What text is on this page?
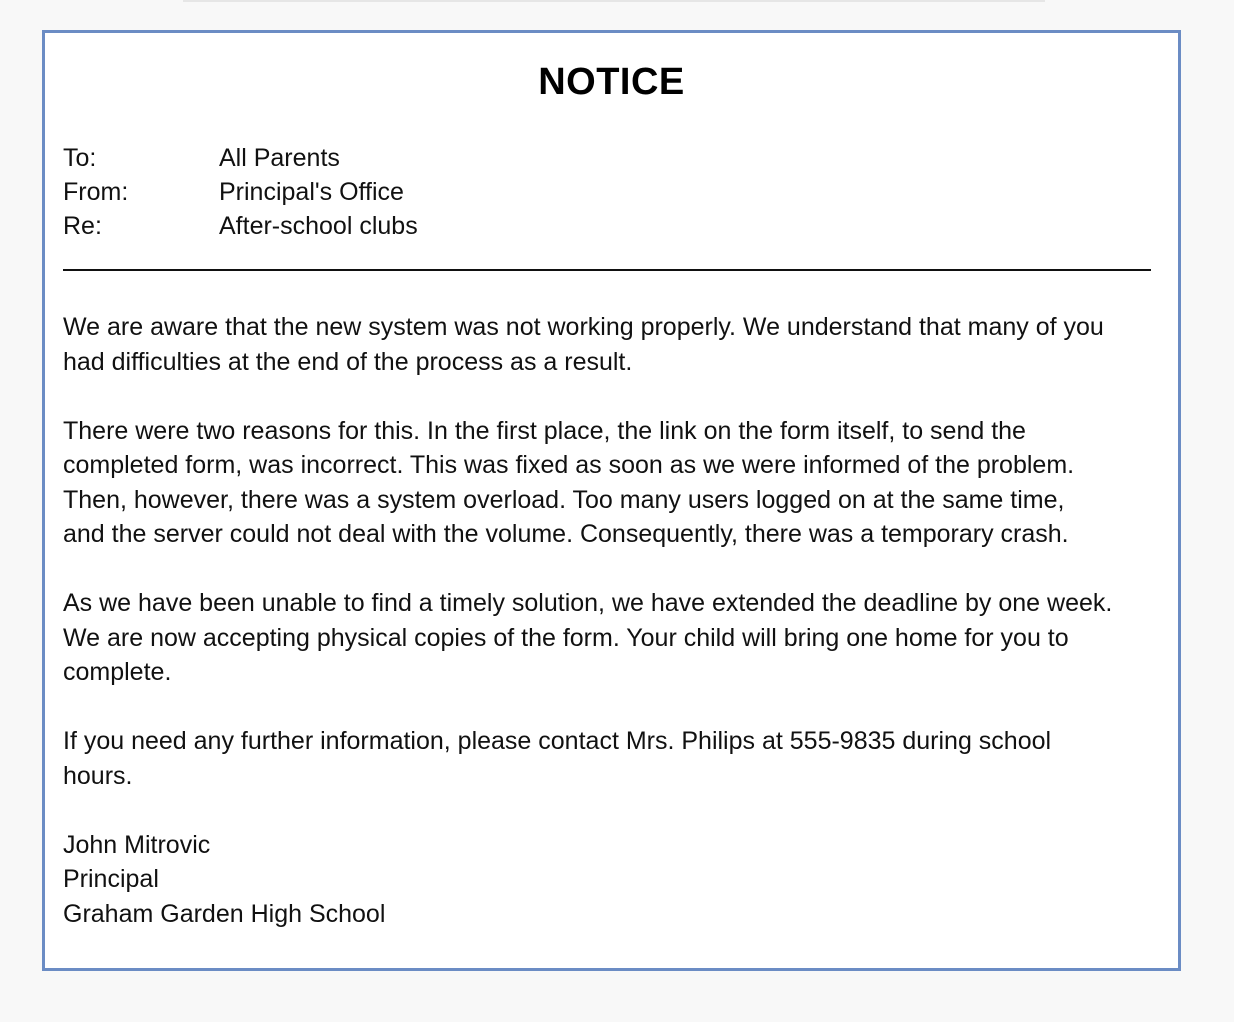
NOTICE
To:	All Parents
From:	Principal's Office
Re:	After-school clubs

We are aware that the new system was not working properly. We understand that many of you
had difficulties at the end of the process as a result.

There were two reasons for this. In the first place, the link on the form itself, to send the
completed form, was incorrect. This was fixed as soon as we were informed of the problem.
Then, however, there was a system overload. Too many users logged on at the same time,
and the server could not deal with the volume. Consequently, there was a temporary crash.

As we have been unable to find a timely solution, we have extended the deadline by one week.
We are now accepting physical copies of the form. Your child will bring one home for you to
complete.

If you need any further information, please contact Mrs. Philips at 555-9835 during school
hours.

John Mitrovic
Principal
Graham Garden High School
